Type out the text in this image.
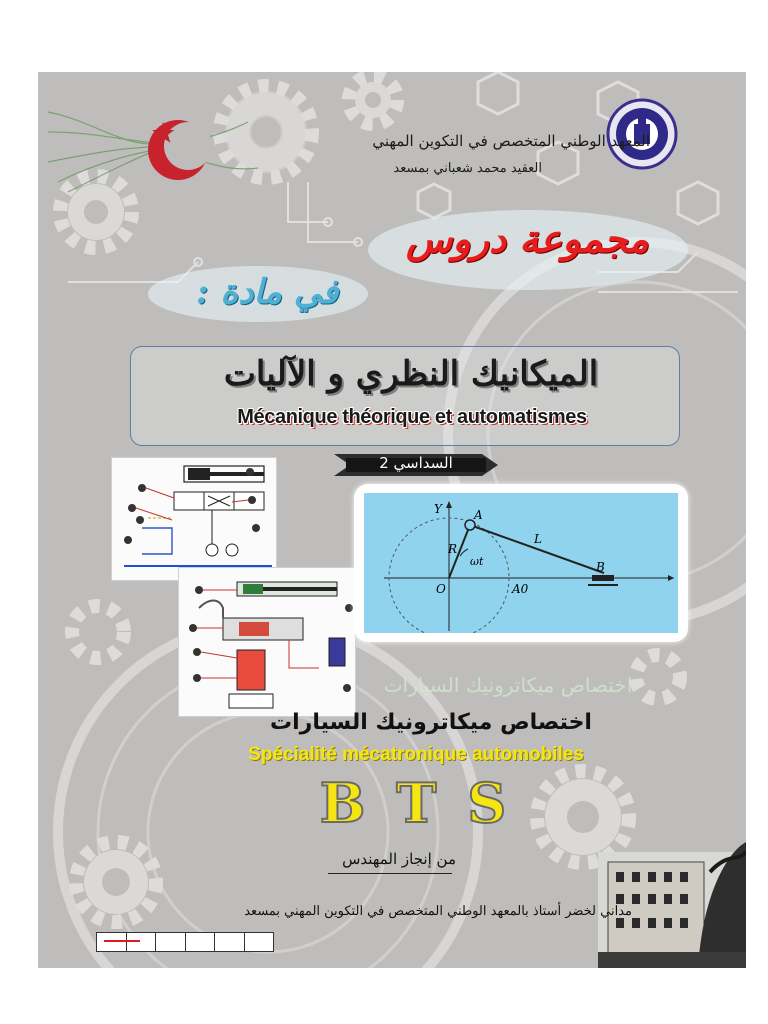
اختصاص ميكاترونيك السيارات
المعهد الوطني المتخصص في التكوين المهني
العقيد محمد شعباني بمسعد
مجموعة دروس
في مادة :
الميكانيك النظري و الآليات
Mécanique théorique et automatismes
السداسي 2
Y	A
R
L
B
ωt
O	A0
اختصاص ميكاترونيك السيارات
Spécialité mécatronique automobiles
B T S
من إنجاز المهندس
مداني لخضر أستاذ بالمعهد الوطني المتخصص في التكوين المهني بمسعد
